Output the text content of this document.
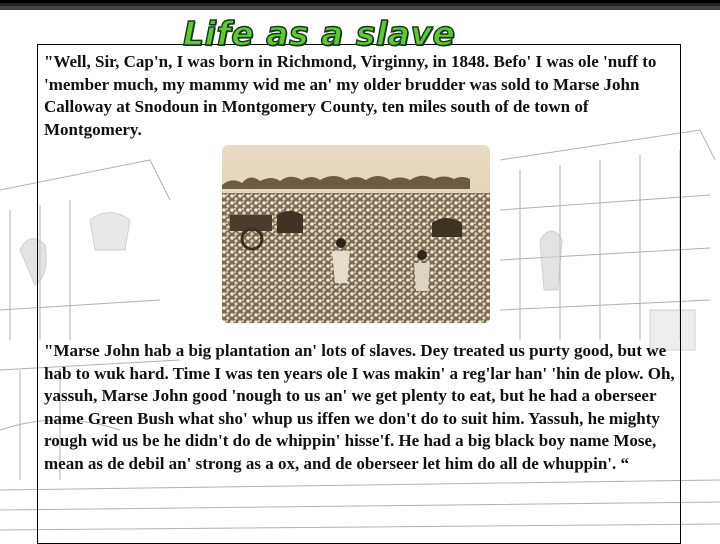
Life as a slave

"Well, Sir, Cap'n, I was born in Richmond, Virginny, in 1848. Befo' I was ole 'nuff to 'member much, my mammy wid me an' my older brudder was sold to Marse John Calloway at Snodoun in Montgomery County, ten miles south of de town of Montgomery.

"Marse John hab a big plantation an' lots of slaves. Dey treated us purty good, but we hab to wuk hard. Time I was ten years ole I was makin' a reg'lar han' 'hin de plow. Oh, yassuh, Marse John good 'nough to us an' we get plenty to eat, but he had a oberseer name Green Bush what sho' whup us iffen we don't do to suit him. Yassuh, he mighty rough wid us be he didn't do de whippin' hisse'f. He had a big black boy name Mose, mean as de debil an' strong as a ox, and de oberseer let him do all de whuppin'. “
